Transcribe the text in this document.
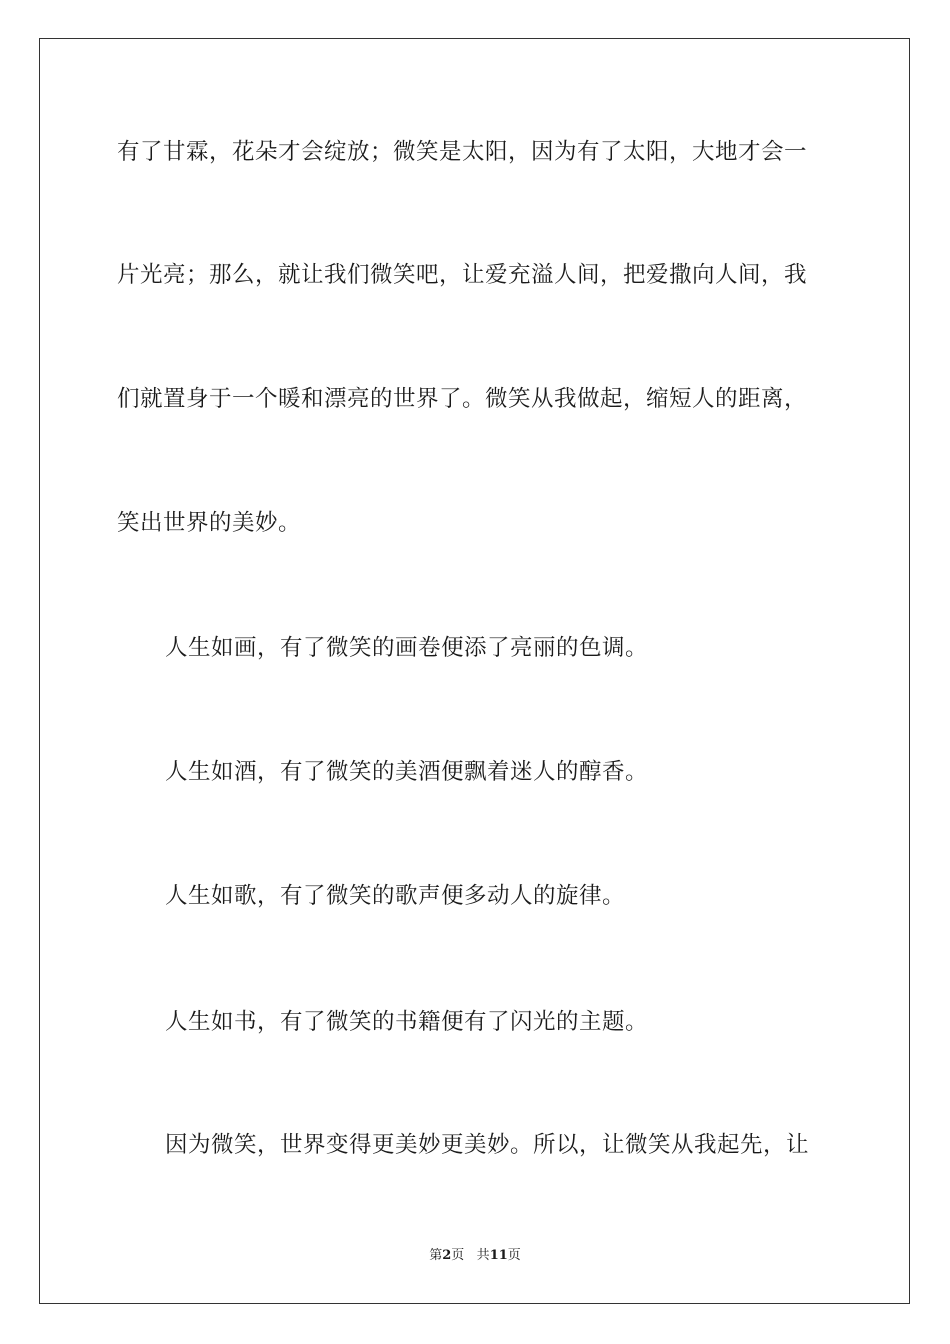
有了甘霖，花朵才会绽放；微笑是太阳，因为有了太阳，大地才会一
片光亮；那么，就让我们微笑吧，让爱充溢人间，把爱撒向人间，我
们就置身于一个暖和漂亮的世界了。微笑从我做起，缩短人的距离，
笑出世界的美妙。
人生如画，有了微笑的画卷便添了亮丽的色调。
人生如酒，有了微笑的美酒便飘着迷人的醇香。
人生如歌，有了微笑的歌声便多动人的旋律。
人生如书，有了微笑的书籍便有了闪光的主题。
因为微笑，世界变得更美妙更美妙。所以，让微笑从我起先，让
第2页 共11页
